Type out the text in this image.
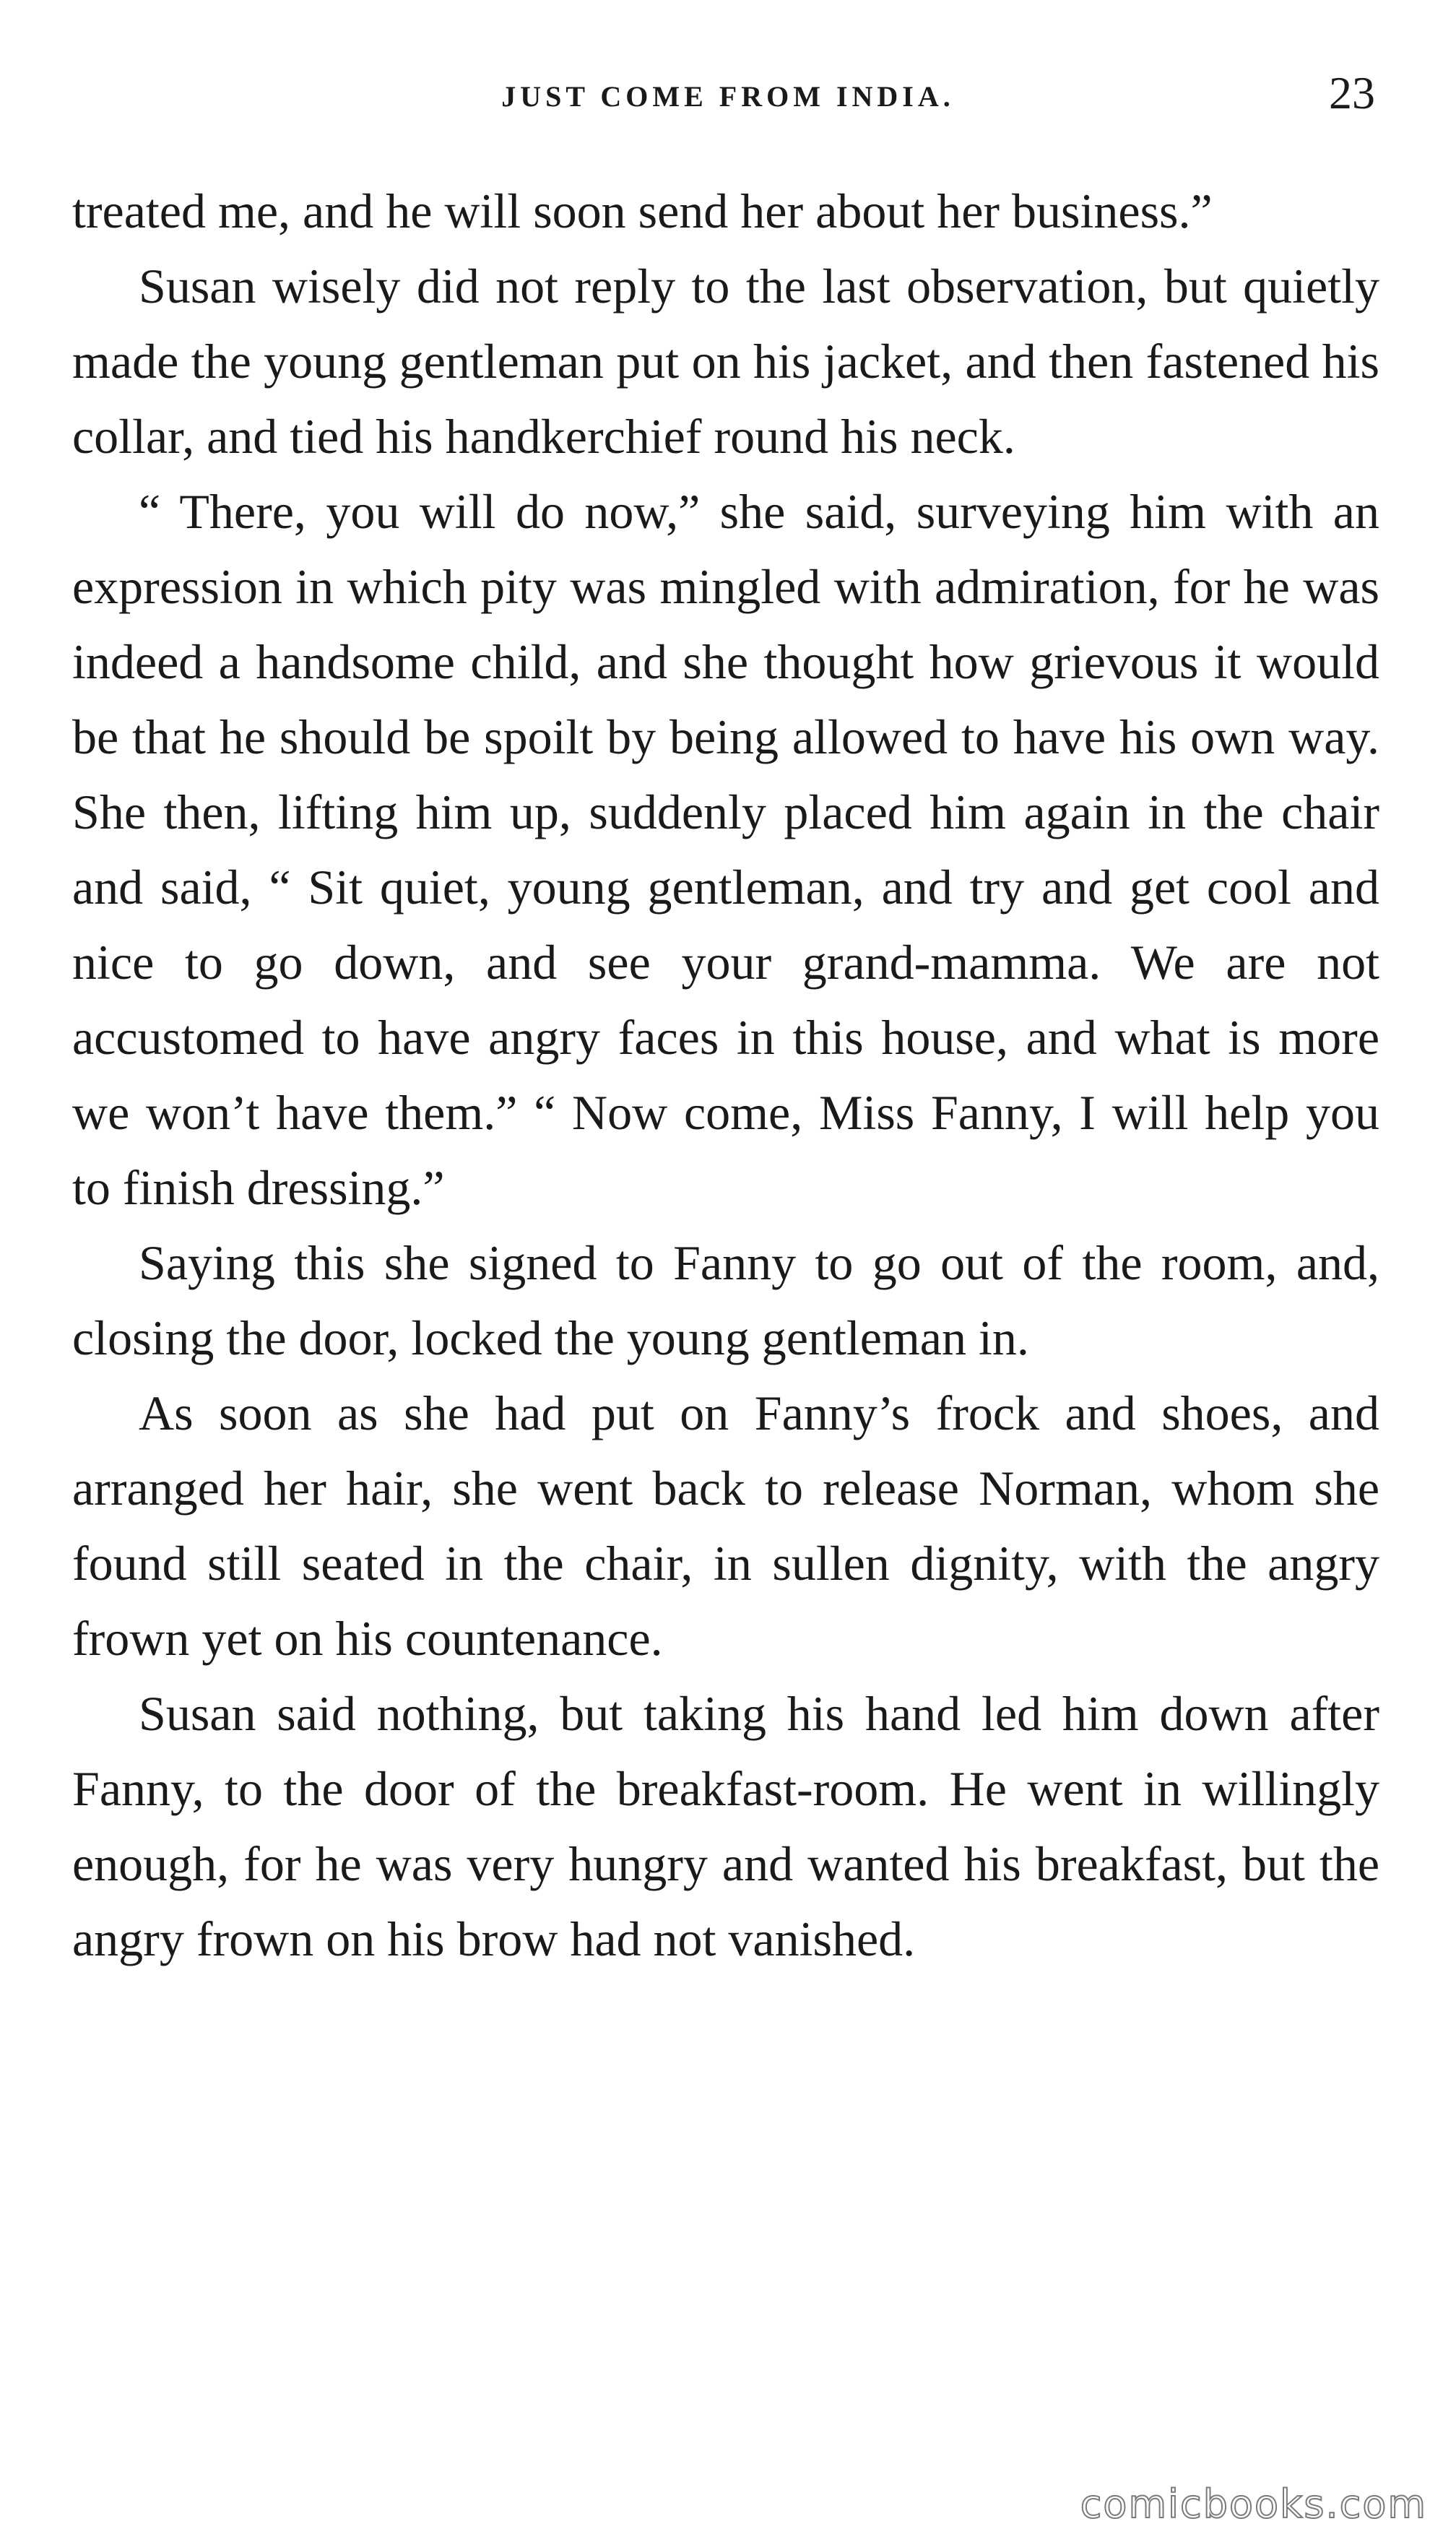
JUST COME FROM INDIA.	23

treated me, and he will soon send her about her business.”

Susan wisely did not reply to the last observation, but quietly made the young gentleman put on his jacket, and then fastened his collar, and tied his handkerchief round his neck.

“ There, you will do now,” she said, surveying him with an expression in which pity was mingled with admiration, for he was indeed a handsome child, and she thought how grievous it would be that he should be spoilt by being allowed to have his own way. She then, lifting him up, suddenly placed him again in the chair and said, “ Sit quiet, young gentleman, and try and get cool and nice to go down, and see your grand-mamma. We are not accustomed to have angry faces in this house, and what is more we won’t have them.” “ Now come, Miss Fanny, I will help you to finish dressing.”

Saying this she signed to Fanny to go out of the room, and, closing the door, locked the young gentleman in.

As soon as she had put on Fanny’s frock and shoes, and arranged her hair, she went back to release Norman, whom she found still seated in the chair, in sullen dignity, with the angry frown yet on his countenance.

Susan said nothing, but taking his hand led him down after Fanny, to the door of the breakfast-room. He went in willingly enough, for he was very hungry and wanted his breakfast, but the angry frown on his brow had not vanished.

comicbooks.com
